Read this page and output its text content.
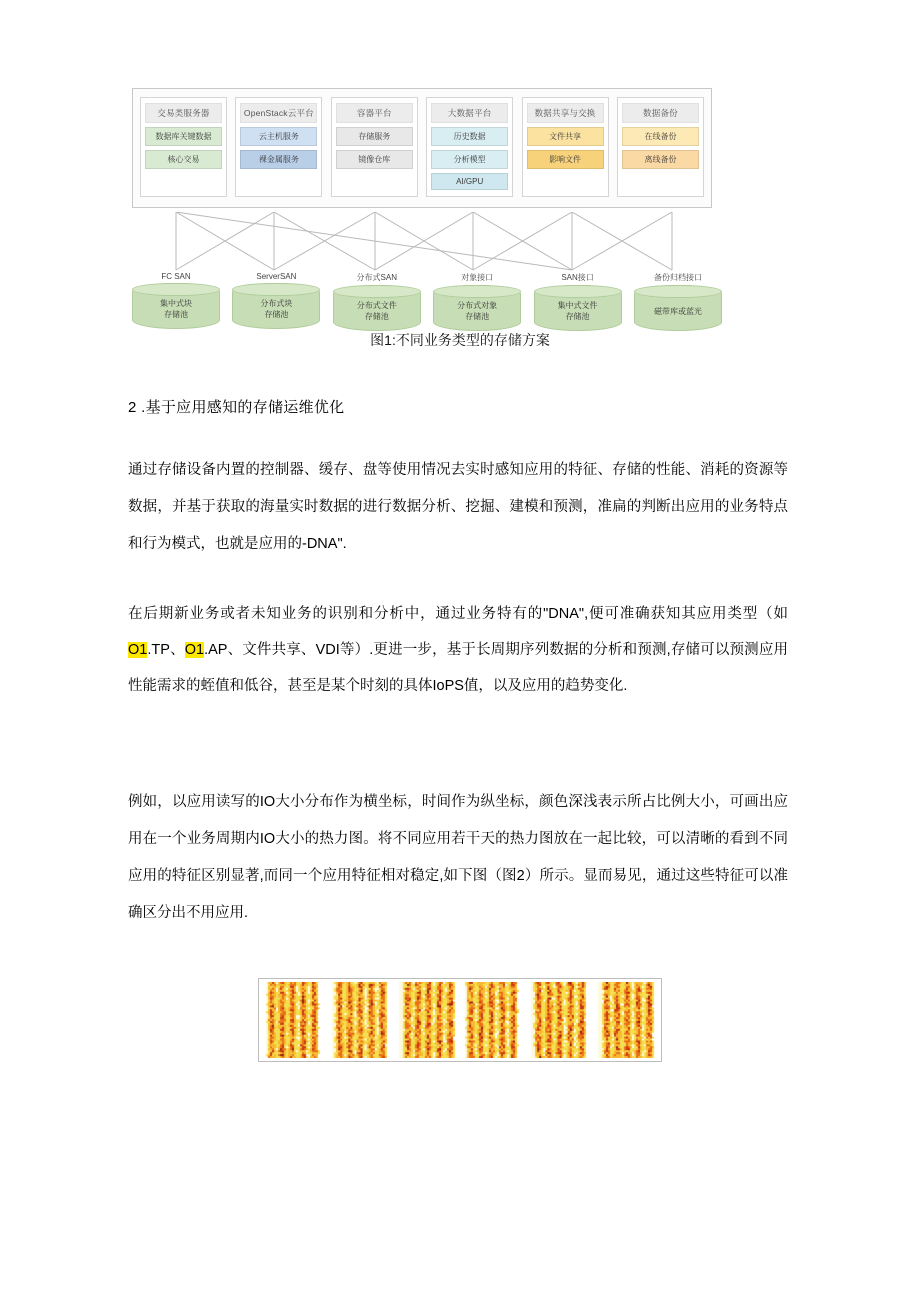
交易类服务器
数据库关键数据
核心交易
OpenStack云平台
云主机服务
裸金属服务
容器平台
存储服务
镜像仓库
大数据平台
历史数据
分析模型
AI/GPU
数据共享与交换
文件共享
影响文件
数据备份
在线备份
离线备份
FC SAN
集中式块
存储池
ServerSAN
分布式块
存储池
分布式SAN
分布式文件
存储池
对象接口
分布式对象
存储池
SAN接口
集中式文件
存储池
备份归档接口
磁带库或蓝光
图1:不同业务类型的存储方案
2 .基于应用感知的存储运维优化
通过存储设备内置的控制器、缓存、盘等使用情况去实时感知应用的特征、存储的性能、消耗的资源等数据，并基于获取的海量实时数据的进行数据分析、挖掘、建模和预测，准扁的判断出应用的业务特点和行为模式，也就是应用的-DNA".
在后期新业务或者未知业务的识别和分析中，通过业务特有的"DNA",便可准确获知其应用类型（如O1.TP、O1.AP、文件共享、VDI等）.更进一步，基于长周期序列数据的分析和预测,存储可以预测应用性能需求的蛭值和低谷，甚至是某个时刻的具体IoPS值，以及应用的趋势变化.
例如，以应用读写的IO大小分布作为横坐标，时间作为纵坐标，颜色深浅表示所占比例大小，可画出应用在一个业务周期内IO大小的热力图。将不同应用若干天的热力图放在一起比较，可以清晰的看到不同应用的特征区别显著,而同一个应用特征相对稳定,如下图（图2）所示。显而易见，通过这些特征可以准确区分出不用应用.
